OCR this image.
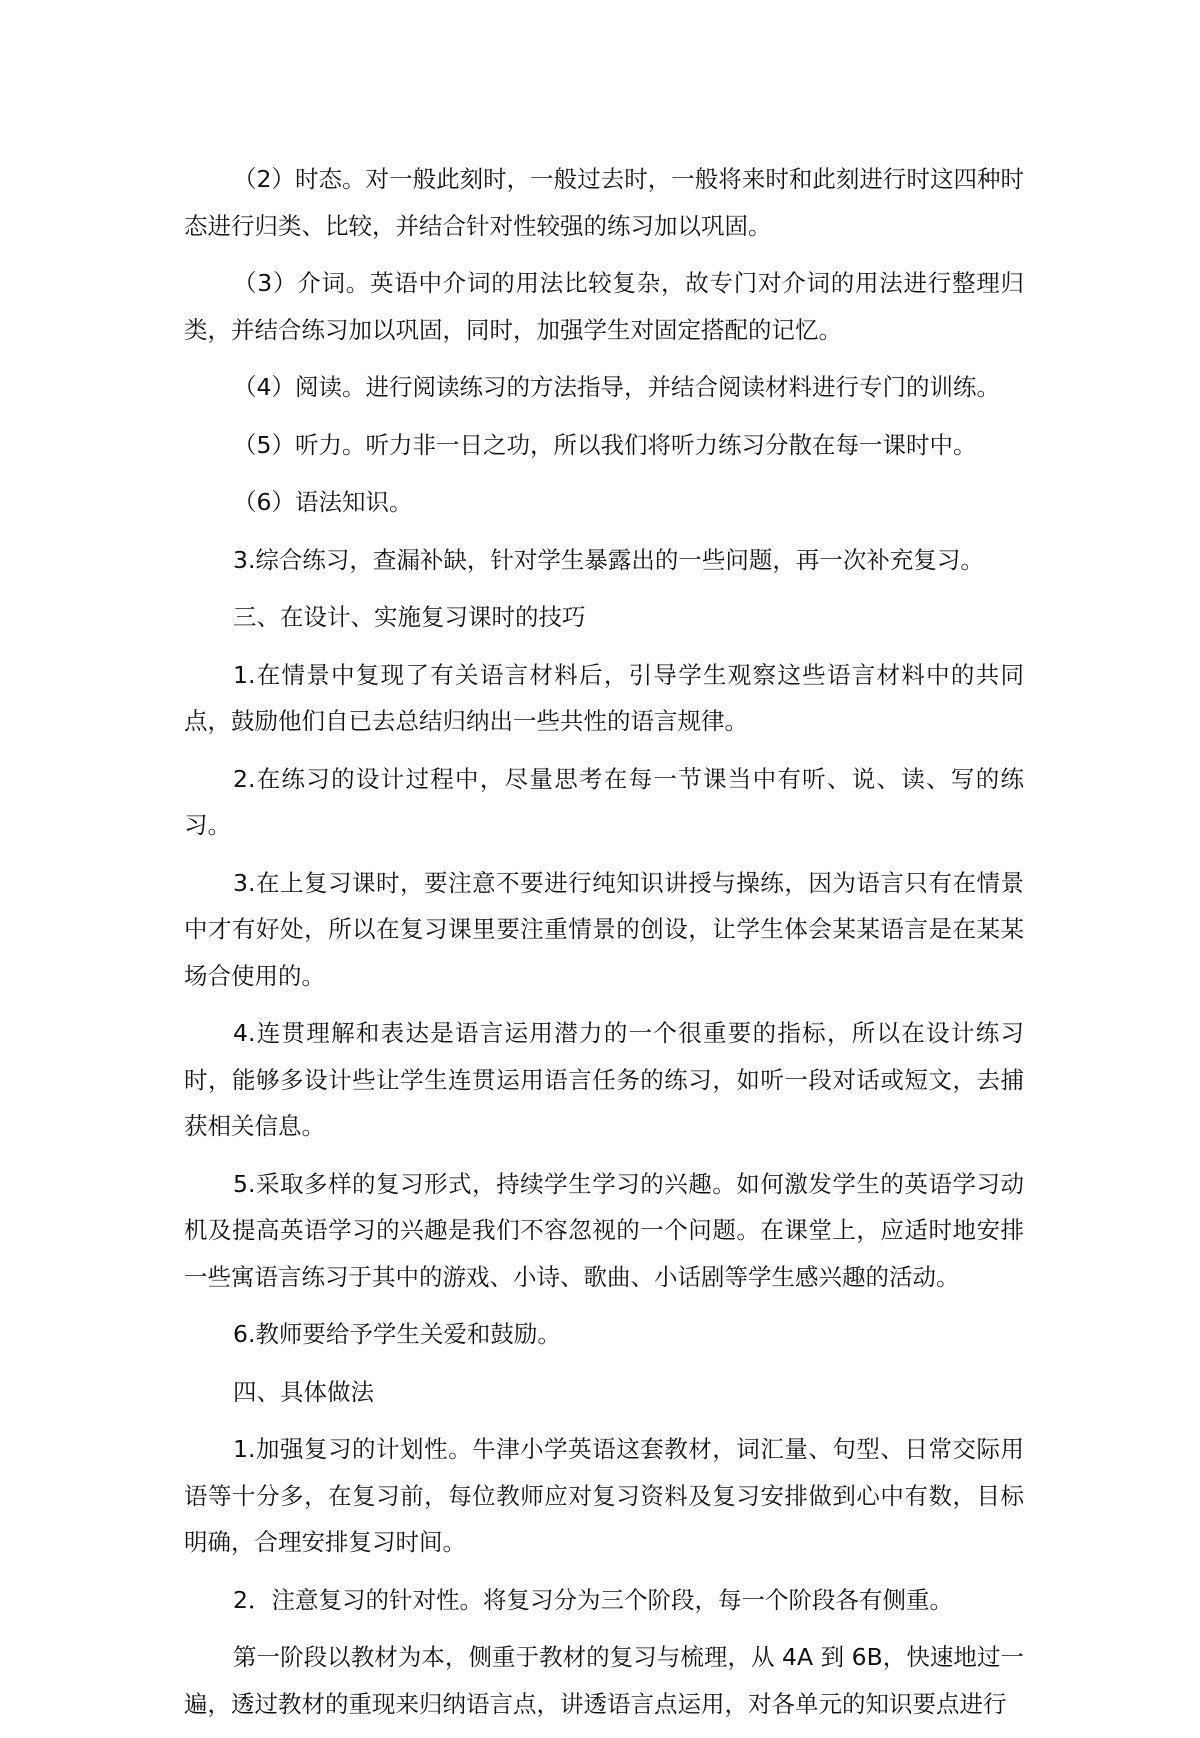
（2）时态。对一般此刻时，一般过去时，一般将来时和此刻进行时这四种时态进行归类、比较，并结合针对性较强的练习加以巩固。

（3）介词。英语中介词的用法比较复杂，故专门对介词的用法进行整理归类，并结合练习加以巩固，同时，加强学生对固定搭配的记忆。

（4）阅读。进行阅读练习的方法指导，并结合阅读材料进行专门的训练。

（5）听力。听力非一日之功，所以我们将听力练习分散在每一课时中。

（6）语法知识。

3.综合练习，查漏补缺，针对学生暴露出的一些问题，再一次补充复习。

三、在设计、实施复习课时的技巧

1.在情景中复现了有关语言材料后，引导学生观察这些语言材料中的共同点，鼓励他们自已去总结归纳出一些共性的语言规律。

2.在练习的设计过程中，尽量思考在每一节课当中有听、说、读、写的练习。

3.在上复习课时，要注意不要进行纯知识讲授与操练，因为语言只有在情景中才有好处，所以在复习课里要注重情景的创设，让学生体会某某语言是在某某场合使用的。

4.连贯理解和表达是语言运用潜力的一个很重要的指标，所以在设计练习时，能够多设计些让学生连贯运用语言任务的练习，如听一段对话或短文，去捕获相关信息。

5.采取多样的复习形式，持续学生学习的兴趣。如何激发学生的英语学习动机及提高英语学习的兴趣是我们不容忽视的一个问题。在课堂上，应适时地安排一些寓语言练习于其中的游戏、小诗、歌曲、小话剧等学生感兴趣的活动。

6.教师要给予学生关爱和鼓励。

四、具体做法

1.加强复习的计划性。牛津小学英语这套教材，词汇量、句型、日常交际用语等十分多，在复习前，每位教师应对复习资料及复习安排做到心中有数，目标明确，合理安排复习时间。

2．注意复习的针对性。将复习分为三个阶段，每一个阶段各有侧重。

第一阶段以教材为本，侧重于教材的复习与梳理，从 4A 到 6B，快速地过一遍，透过教材的重现来归纳语言点，讲透语言点运用，对各单元的知识要点进行
